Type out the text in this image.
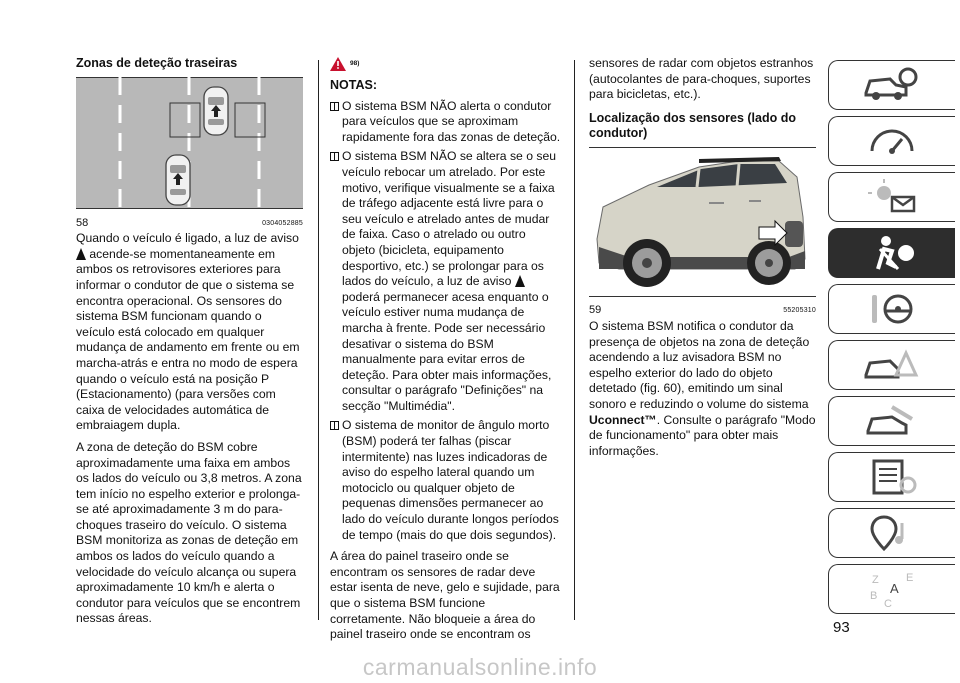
Zonas de deteção traseiras
58	0304052885

Quando o veículo é ligado, a luz de aviso  acende-se momentaneamente em ambos os retrovisores exteriores para informar o condutor de que o sistema se encontra operacional. Os sensores do sistema BSM funcionam quando o veículo está colocado em qualquer mudança de andamento em frente ou em marcha-atrás e entra no modo de espera quando o veículo está na posição P (Estacionamento) (para versões com caixa de velocidades automática de embraiagem dupla.

A zona de deteção do BSM cobre aproximadamente uma faixa em ambos os lados do veículo ou 3,8 metros. A zona tem início no espelho exterior e prolonga-se até aproximadamente 3 m do para-choques traseiro do veículo. O sistema BSM monitoriza as zonas de deteção em ambos os lados do veículo quando a velocidade do veículo alcança ou supera aproximadamente 10 km/h e alerta o condutor para veículos que se encontrem nessas áreas.

98)
NOTAS:
O sistema BSM NÃO alerta o condutor para veículos que se aproximam rapidamente fora das zonas de deteção.
O sistema BSM NÃO se altera se o seu veículo rebocar um atrelado. Por este motivo, verifique visualmente se a faixa de tráfego adjacente está livre para o seu veículo e atrelado antes de mudar de faixa. Caso o atrelado ou outro objeto (bicicleta, equipamento desportivo, etc.) se prolongar para os lados do veículo, a luz de aviso  poderá permanecer acesa enquanto o veículo estiver numa mudança de marcha à frente. Pode ser necessário desativar o sistema do BSM manualmente para evitar erros de deteção. Para obter mais informações, consultar o parágrafo "Definições" na secção "Multimédia".
O sistema de monitor de ângulo morto (BSM) poderá ter falhas (piscar intermitente) nas luzes indicadoras de aviso do espelho lateral quando um motociclo ou qualquer objeto de pequenas dimensões permanecer ao lado do veículo durante longos períodos de tempo (mais do que dois segundos).

A área do painel traseiro onde se encontram os sensores de radar deve estar isenta de neve, gelo e sujidade, para que o sistema BSM funcione corretamente. Não bloqueie a área do painel traseiro onde se encontram os

sensores de radar com objetos estranhos (autocolantes de para-choques, suportes para bicicletas, etc.).

Localização dos sensores (lado do condutor)
59	55205310

O sistema BSM notifica o condutor da presença de objetos na zona de deteção acendendo a luz avisadora BSM no espelho exterior do lado do objeto detetado (fig. 60), emitindo um sinal sonoro e reduzindo o volume do sistema Uconnect™. Consulte o parágrafo "Modo de funcionamento" para obter mais informações.

Z
B A
C
E
93
carmanualsonline.info
